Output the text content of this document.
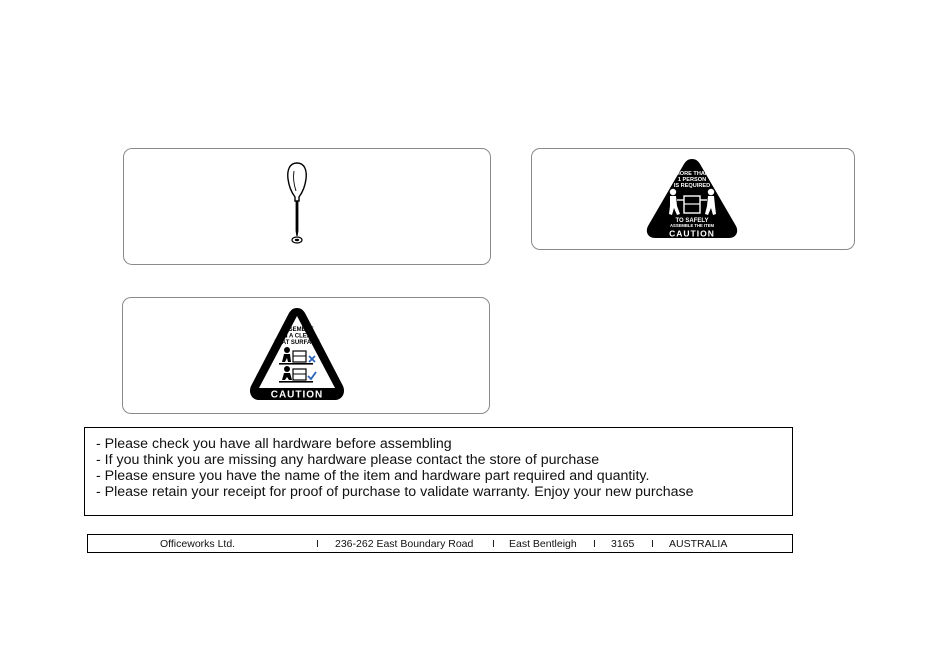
MORE THAN
1 PERSON
IS REQUIRED
TO SAFELY
ASSEMBLE THE ITEM
CAUTION
ASSEMBLE
ON A CLEAR
FLAT SURFACE
CAUTION
- Please check you have all hardware before assembling
- If you think you are missing any hardware please contact the store of purchase
- Please ensure you have the name of the item and hardware part required and quantity.
- Please retain your receipt for proof of purchase to validate warranty. Enjoy your new purchase
Officeworks Ltd.	I 236-262 East Boundary Road I East Bentleigh I 3165 I AUSTRALIA
